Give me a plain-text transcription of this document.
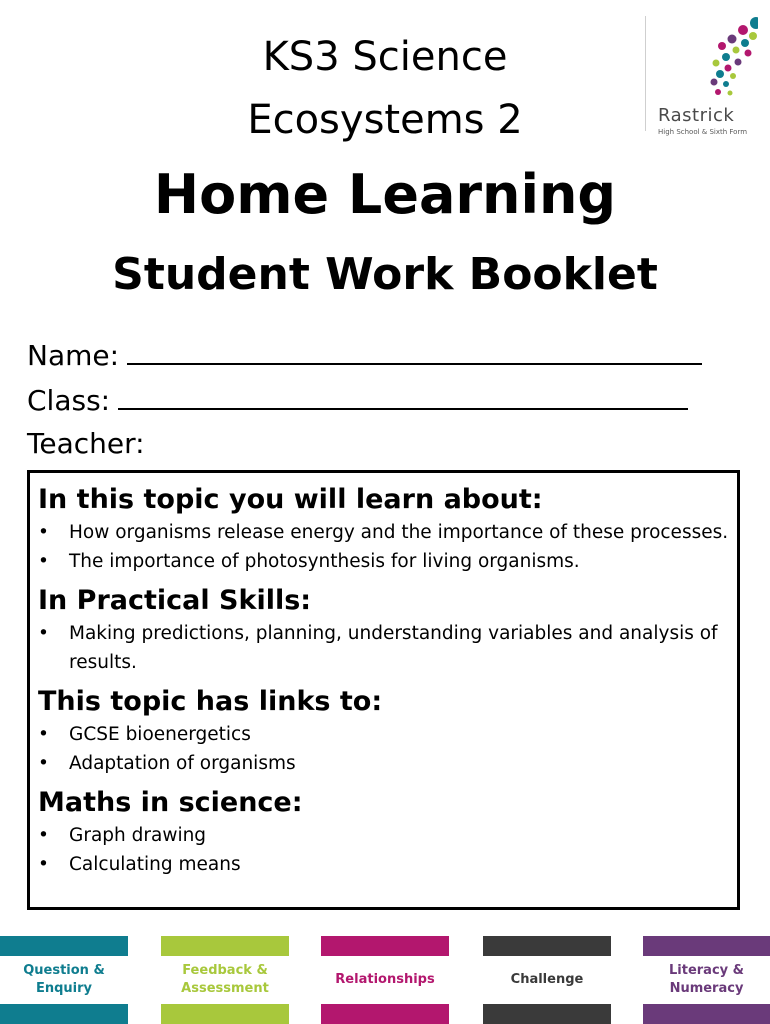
KS3 Science
Ecosystems 2	Rastrick
High School & Sixth Form
Home Learning
Student Work Booklet
Name:
Class:
Teacher:

In this topic you will learn about:

• How organisms release energy and the importance of these processes.
• The importance of photosynthesis for living organisms.

In Practical Skills:

• Making predictions, planning, understanding variables and analysis of results.

This topic has links to:

• GCSE bioenergetics
• Adaptation of organisms

Maths in science:

• Graph drawing
• Calculating means
Question & Enquiry
Feedback & Assessment
Relationships	Challenge
Literacy & Numeracy
